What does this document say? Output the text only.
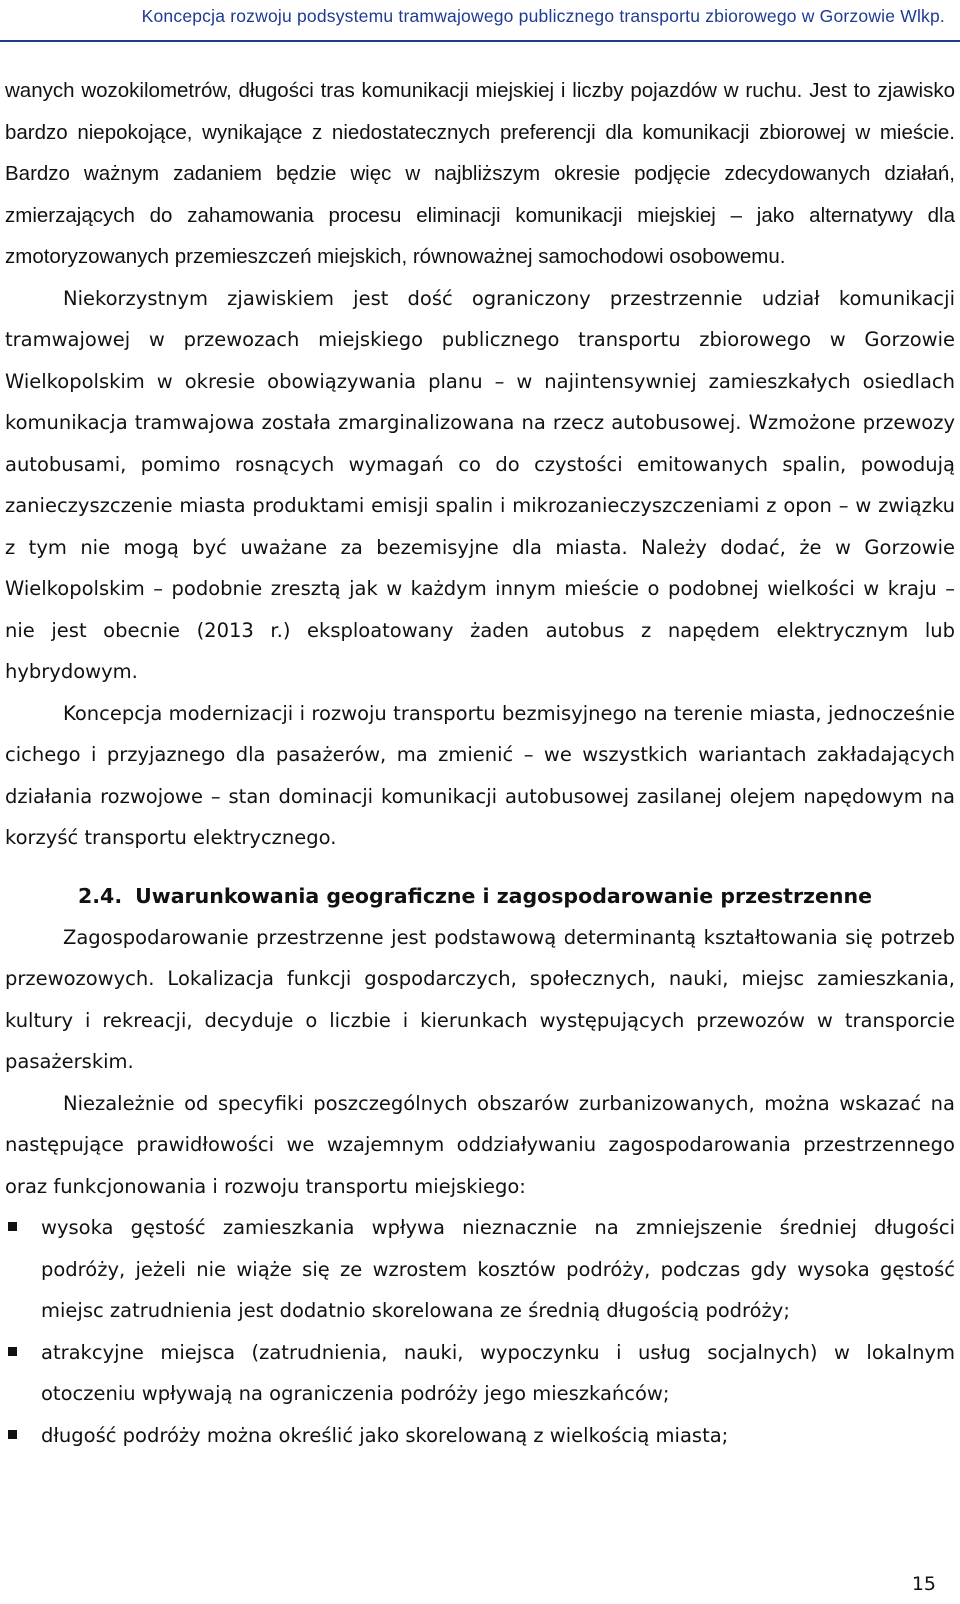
Koncepcja rozwoju podsystemu tramwajowego publicznego transportu zbiorowego w Gorzowie Wlkp.

wanych wozokilometrów, długości tras komunikacji miejskiej i liczby pojazdów w ruchu. Jest to zjawisko bardzo niepokojące, wynikające z niedostatecznych preferencji dla komunikacji zbiorowej w mieście. Bardzo ważnym zadaniem będzie więc w najbliższym okresie podjęcie zdecydowanych działań, zmierzających do zahamowania procesu eliminacji komunikacji miejskiej – jako alternatywy dla zmotoryzowanych przemieszczeń miejskich, równoważnej samochodowi osobowemu.

Niekorzystnym zjawiskiem jest dość ograniczony przestrzennie udział komunikacji tramwajowej w przewozach miejskiego publicznego transportu zbiorowego w Gorzowie Wielkopolskim w okresie obowiązywania planu – w najintensywniej zamieszkałych osiedlach komunikacja tramwajowa została zmarginalizowana na rzecz autobusowej. Wzmożone przewozy autobusami, pomimo rosnących wymagań co do czystości emitowanych spalin, powodują zanieczyszczenie miasta produktami emisji spalin i mikrozanieczyszczeniami z opon – w związku z tym nie mogą być uważane za bezemisyjne dla miasta. Należy dodać, że w Gorzowie Wielkopolskim – podobnie zresztą jak w każdym innym mieście o podobnej wielkości w kraju – nie jest obecnie (2013 r.) eksploatowany żaden autobus z napędem elektrycznym lub hybrydowym.

Koncepcja modernizacji i rozwoju transportu bezmisyjnego na terenie miasta, jednocześnie cichego i przyjaznego dla pasażerów, ma zmienić – we wszystkich wariantach zakładających działania rozwojowe – stan dominacji komunikacji autobusowej zasilanej olejem napędowym na korzyść transportu elektrycznego.

2.4. Uwarunkowania geograficzne i zagospodarowanie przestrzenne

Zagospodarowanie przestrzenne jest podstawową determinantą kształtowania się potrzeb przewozowych. Lokalizacja funkcji gospodarczych, społecznych, nauki, miejsc zamieszkania, kultury i rekreacji, decyduje o liczbie i kierunkach występujących przewozów w transporcie pasażerskim.

Niezależnie od specyfiki poszczególnych obszarów zurbanizowanych, można wskazać na następujące prawidłowości we wzajemnym oddziaływaniu zagospodarowania przestrzennego oraz funkcjonowania i rozwoju transportu miejskiego:

wysoka gęstość zamieszkania wpływa nieznacznie na zmniejszenie średniej długości podróży, jeżeli nie wiąże się ze wzrostem kosztów podróży, podczas gdy wysoka gęstość miejsc zatrudnienia jest dodatnio skorelowana ze średnią długością podróży;
atrakcyjne miejsca (zatrudnienia, nauki, wypoczynku i usług socjalnych) w lokalnym otoczeniu wpływają na ograniczenia podróży jego mieszkańców;
długość podróży można określić jako skorelowaną z wielkością miasta;
15
